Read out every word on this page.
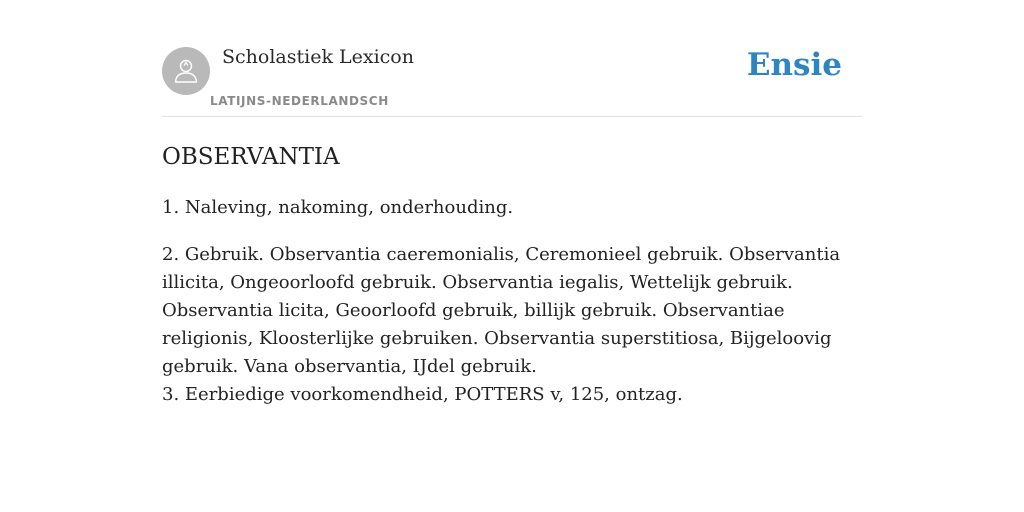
Scholastiek Lexicon
LATIJNS-NEDERLANDSCH
Ensie
OBSERVANTIA

1. Naleving, nakoming, onderhouding.

2. Gebruik. Observantia caeremonialis, Ceremonieel gebruik. Observantia illicita, Ongeoorloofd gebruik. Observantia iegalis, Wettelijk gebruik. Observantia licita, Geoorloofd gebruik, billijk gebruik. Observantiae religionis, Kloosterlijke gebruiken. Observantia superstitiosa, Bijgeloovig gebruik. Vana observantia, IJdel gebruik.

3. Eerbiedige voorkomendheid, POTTERS v, 125, ontzag.
